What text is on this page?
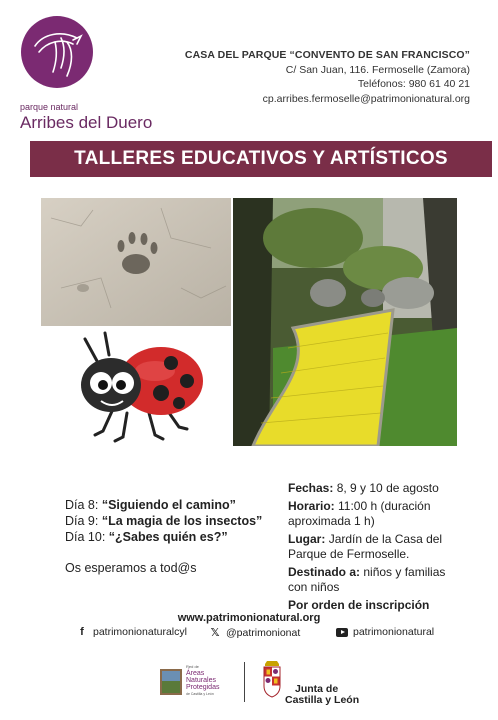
parque natural
Arribes del Duero
CASA DEL PARQUE “CONVENTO DE SAN FRANCISCO”
C/ San Juan, 116. Fermoselle (Zamora)
Teléfonos: 980 61 40 21
cp.arribes.fermoselle@patrimonionatural.org
TALLERES EDUCATIVOS Y ARTÍSTICOS
Día 8: “Siguiendo el camino”
Día 9: “La magia de los insectos”
Día 10: “¿Sabes quién es?”
Os esperamos a tod@s

Fechas: 8, 9 y 10 de agosto

Horario: 11:00 h (duración aproximada 1 h)

Lugar: Jardín de la Casa del Parque de Fermoselle.

Destinado a: niños y familias con niños

Por orden de inscripción

www.patrimonionatural.org
f patrimonionaturalcyl 𝕏 @patrimonionat	patrimonionatural
Red de
Áreas
Naturales
Protegidas
de Castilla y León	Junta de
Castilla y León
